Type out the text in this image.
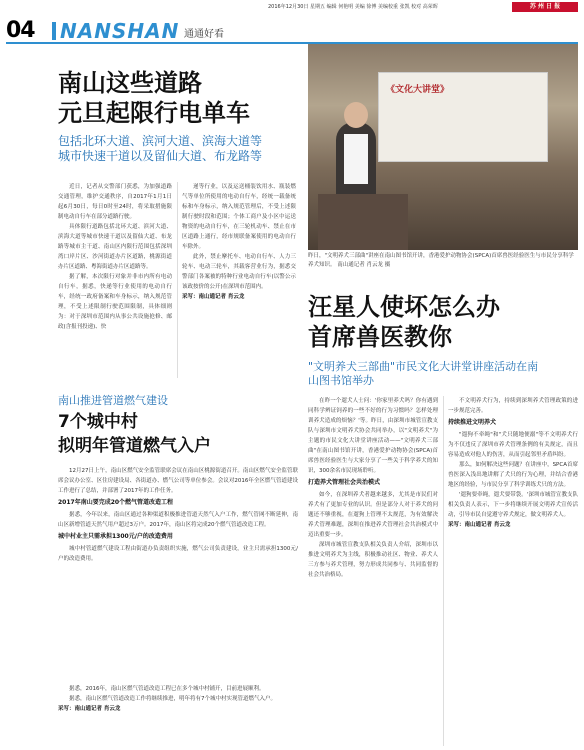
2016年12月30日 星期五 编辑 何艳明 美编 徐博 美编校重 张凯 校对 高荣晖	苏 州 日 报
04 NANSHAN 通通好看
南山这些道路
元旦起限行电单车
包括北环大道、滨河大道、滨海大道等城市快速干道以及留仙大道、布龙路等

近日，记者从交警部门获悉，为加强道路交通管理，维护交通秩序，自2017年1月1日起6月30日，每日0时至24时，将采取措施限制电动自行车在部分道路行驶。

具体限行道路包括北环大道、滨河大道、滨海大道等城市快速干道以及留仙大道、布龙路等城市主干道、南山区内限行范围包括深圳湾口岸片区、沙河街道办片区道路，桃源街道办片区道路、粤海街道办片区道路等。

据了解，本次限行对象并非市内所有电动自行车，据悉，快递等行业使用的电动自行车，经统一政府备案和车身标示，纳入规范管理，不受上述限制行驶范围限制，具体细则为：对于深圳市范围内从事公共设施抢修、邮政(含报刊投递)、快

递等行业，以及运送桶装饮用水、瓶装燃气等单位所使用的电动自行车，经统一载备统标和车身标示，纳入规范管理后，不受上述限制行驶时段和范围；个体工商户及小区中运送物资的电动自行车，在三轮机动车、禁止在市区道路上通行，经市规联备案使用的电动自行车除外。

此外，禁止摩托车、电动自行车、人力三轮车、电动三轮车，其载客营业行为，据悉交警部门各案被的特种行业电动自行车(以警公示该政按价的公开)在深圳市范围内。

采写：南山通记者 肖云龙

《文化大讲堂》
昨日，"文明养犬三部曲"讲座在南山图书馆开讲，香港爱护动物协会(SPCA)首席兽医经验医生与市民分享科学养犬知识。 南山通记者 肖云龙 摄
汪星人使坏怎么办
首席兽医教你
"文明养犬三部曲"市民文化大讲堂讲座活动在南山图书馆举办

在昨一个遛犬人士问：'你家里养犬吗？你有遇到同科学辨证饲养的一些不好的行为习惯吗？怎样处理训养犬造成的烦恼？'等。昨日，由深圳市城管宣教支队与深圳市文明养犬协会共同举办，以"文明养犬"为主题的市民文化大讲堂讲座活动——"文明养犬三部曲"在南山图书馆开讲，香港爱护动物协会(SPCA)首席兽医经验医生与大家分享了一些关于科学养犬的知识，300余名市民现场聆听。

打造养犬管理社会共治模式

如今，在深圳养犬者越来越多，尤其是市民们对养犬有了更加专业的认识。但是部分人对于养犬的问题还不够重视，在遛狗上管理不太规范，为有效解决养犬管理难题，深圳在推进养犬管理社会共治模式中迈出重要一步。

深圳市城管宣教支队相关负责人介绍，深圳市以推进文明养犬为主线，积极推动社区、物业、养犬人三方参与养犬管理，努力形成共同参与、共同监督的社会共治格局。

不文明养犬行为，持续到深圳养犬管理政策的进一步规范完善。

持续推进文明养犬

"遛狗不牵绳"和"犬只随地便溺"等不文明养犬行为不仅违反了深圳市养犬管理条例的有关规定，而且容易造成对他人的伤害，从而引起邻里矛盾纠纷。

那么，如何解决这些问题？在讲座中，SPCA首席兽医深入浅出地讲解了犬只的行为心理，并结合香港地区的经验，与市民分享了科学训练犬只的方法。

'遛狗要牵绳，遛犬要带袋。'深圳市城管宣教支队相关负责人表示，下一步将继续开展文明养犬宣传活动，引导市民自觉遵守养犬规定，做文明养犬人。

采写：南山通记者 肖云龙

南山推进管道燃气建设
7个城中村
拟明年管道燃气入户

12月27日上午，南山区燃气安全监管联席会议在南山区桃源街道召开。南山区燃气安全监管联席会议办公室、区住房建设局、各街道办、燃气公司等单位参会。会议对2016年全区燃气管道建设工作进行了总结，并部署了2017年的工作任务。

2017年南山要完成20个燃气管道改造工程

据悉，今年以来，南山区通过各种渠道积极推进管道天然气入户工作，燃气管网不断延伸，南山区新增管道天然气用户超过3万户。2017年，南山区将完成20个燃气管道改造工程。

城中村业主只需承担1300元/户的改造费用

城中村管道燃气建设工程由街道办负责组织实施，燃气公司负责建设，业主只需承担1300元/户的改造费用。

据悉，2016年，南山区燃气管道改造工程已在多个城中村铺开，目前进展顺利。

据悉，南山区燃气管道改造工作将继续推进，明年将有7个城中村实现管道燃气入户。

采写：南山通记者 肖云龙
